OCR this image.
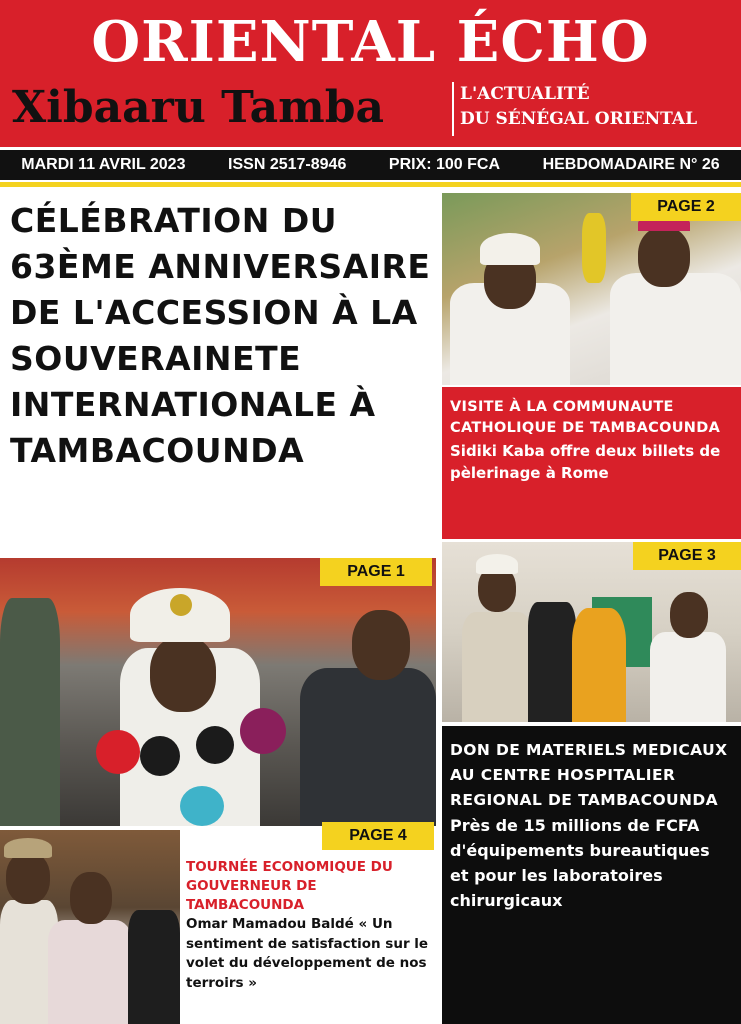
ORIENTAL ÉCHO
Xibaaru Tamba	L'ACTUALITÉ
DU SÉNÉGAL ORIENTAL
MARDI 11 AVRIL 2023	ISSN 2517-8946	PRIX: 100 FCA	HEBDOMADAIRE N° 26
CÉLÉBRATION DU 63ÈME ANNIVERSAIRE DE L'ACCESSION À LA SOUVERAINETE INTERNATIONALE À TAMBACOUNDA
PAGE 2
VISITE À LA COMMUNAUTE CATHOLIQUE DE TAMBACOUNDA
Sidiki Kaba offre deux billets de pèlerinage à Rome
PAGE 3
DON DE MATERIELS MEDICAUX AU CENTRE HOSPITALIER REGIONAL DE TAMBACOUNDA
Près de 15 millions de FCFA d'équipements bureautiques et pour les laboratoires chirurgicaux
PAGE 1
PAGE 4
TOURNÉE ECONOMIQUE DU GOUVERNEUR DE TAMBACOUNDA
Omar Mamadou Baldé « Un sentiment de satisfaction sur le volet du développement de nos terroirs »
